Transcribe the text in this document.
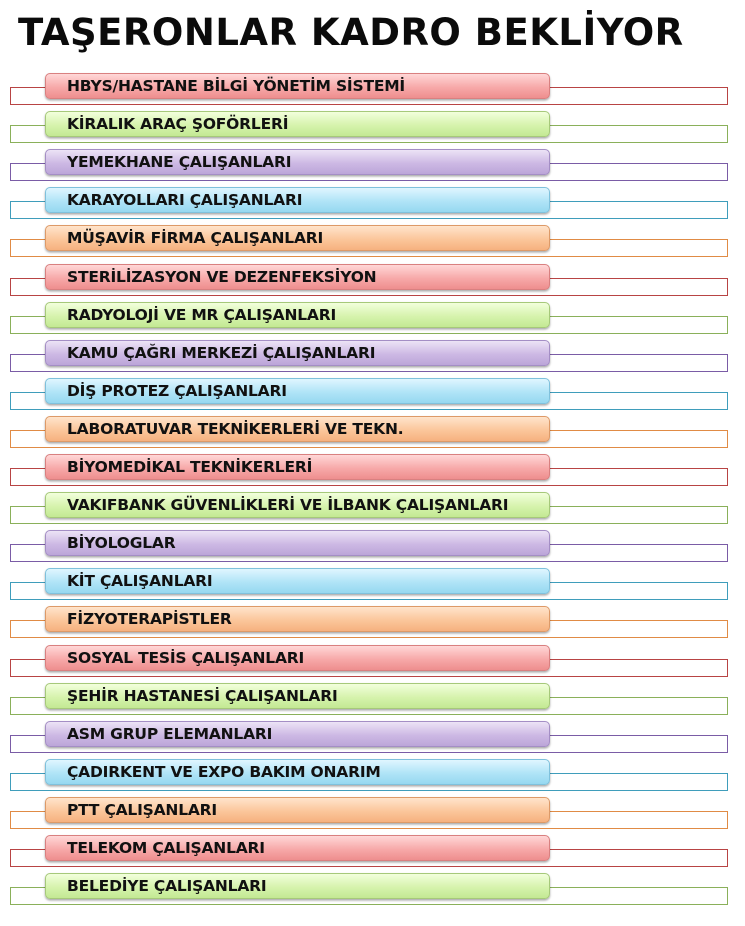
TAŞERONLAR KADRO BEKLİYOR
HBYS/HASTANE BİLGİ YÖNETİM SİSTEMİ
KİRALIK ARAÇ ŞOFÖRLERİ
YEMEKHANE ÇALIŞANLARI
KARAYOLLARI ÇALIŞANLARI
MÜŞAVİR FİRMA ÇALIŞANLARI
STERİLİZASYON VE DEZENFEKSİYON
RADYOLOJİ VE MR ÇALIŞANLARI
KAMU ÇAĞRI MERKEZİ ÇALIŞANLARI
DİŞ PROTEZ ÇALIŞANLARI
LABORATUVAR TEKNİKERLERİ VE TEKN.
BİYOMEDİKAL TEKNİKERLERİ
VAKIFBANK GÜVENLİKLERİ VE İLBANK ÇALIŞANLARI
BİYOLOGLAR
KİT ÇALIŞANLARI
FİZYOTERAPİSTLER
SOSYAL TESİS ÇALIŞANLARI
ŞEHİR HASTANESİ ÇALIŞANLARI
ASM GRUP ELEMANLARI
ÇADIRKENT VE EXPO BAKIM ONARIM
PTT ÇALIŞANLARI
TELEKOM ÇALIŞANLARI
BELEDİYE ÇALIŞANLARI
